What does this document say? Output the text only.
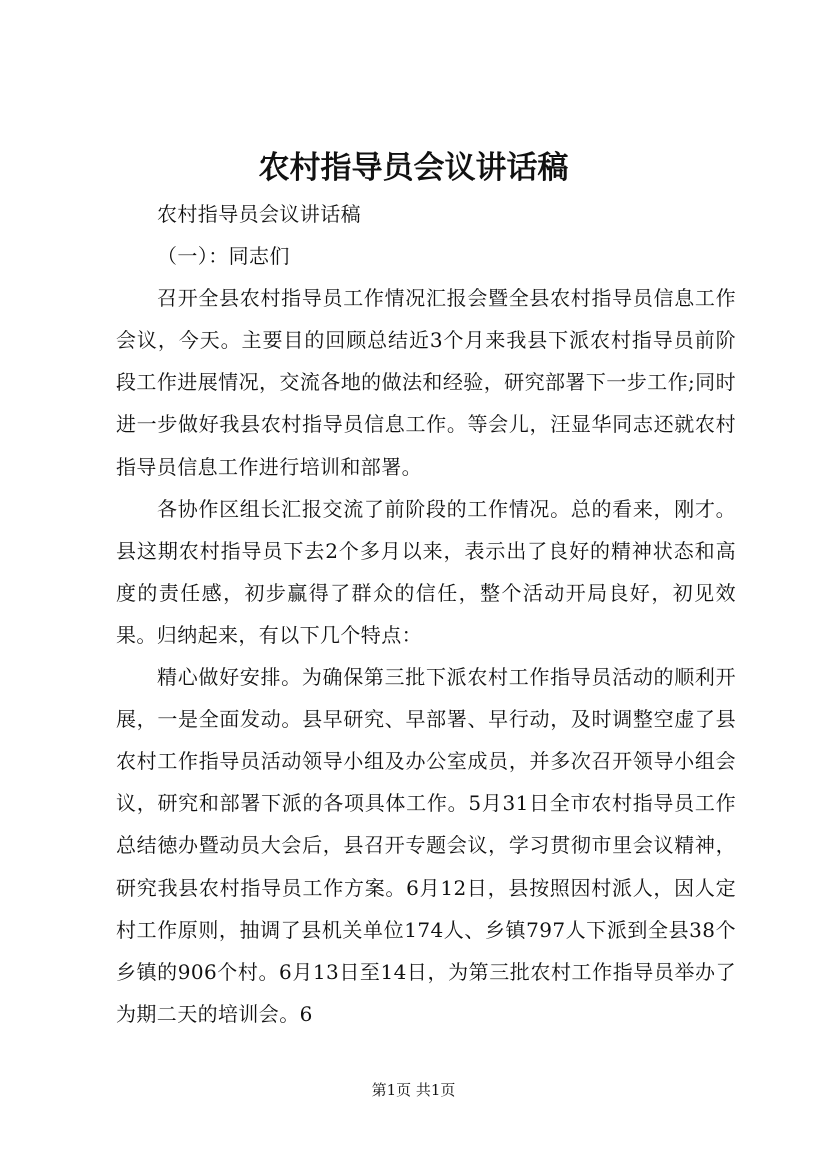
农村指导员会议讲话稿

农村指导员会议讲话稿

（一）：同志们

召开全县农村指导员工作情况汇报会暨全县农村指导员信息工作会议，今天。主要目的回顾总结近3个月来我县下派农村指导员前阶段工作进展情况，交流各地的做法和经验，研究部署下一步工作;同时进一步做好我县农村指导员信息工作。等会儿，汪显华同志还就农村指导员信息工作进行培训和部署。

各协作区组长汇报交流了前阶段的工作情况。总的看来，刚才。县这期农村指导员下去2个多月以来，表示出了良好的精神状态和高度的责任感，初步赢得了群众的信任，整个活动开局良好，初见效果。归纳起来，有以下几个特点：

精心做好安排。为确保第三批下派农村工作指导员活动的顺利开展，一是全面发动。县早研究、早部署、早行动，及时调整空虚了县农村工作指导员活动领导小组及办公室成员，并多次召开领导小组会议，研究和部署下派的各项具体工作。5月31日全市农村指导员工作总结徳办暨动员大会后，县召开专题会议，学习贯彻市里会议精神，研究我县农村指导员工作方案。6月12日，县按照因村派人，因人定村工作原则，抽调了县机关单位174人、乡镇797人下派到全县38个乡镇的906个村。6月13日至14日，为第三批农村工作指导员举办了为期二天的培训会。6

第1页 共1页
